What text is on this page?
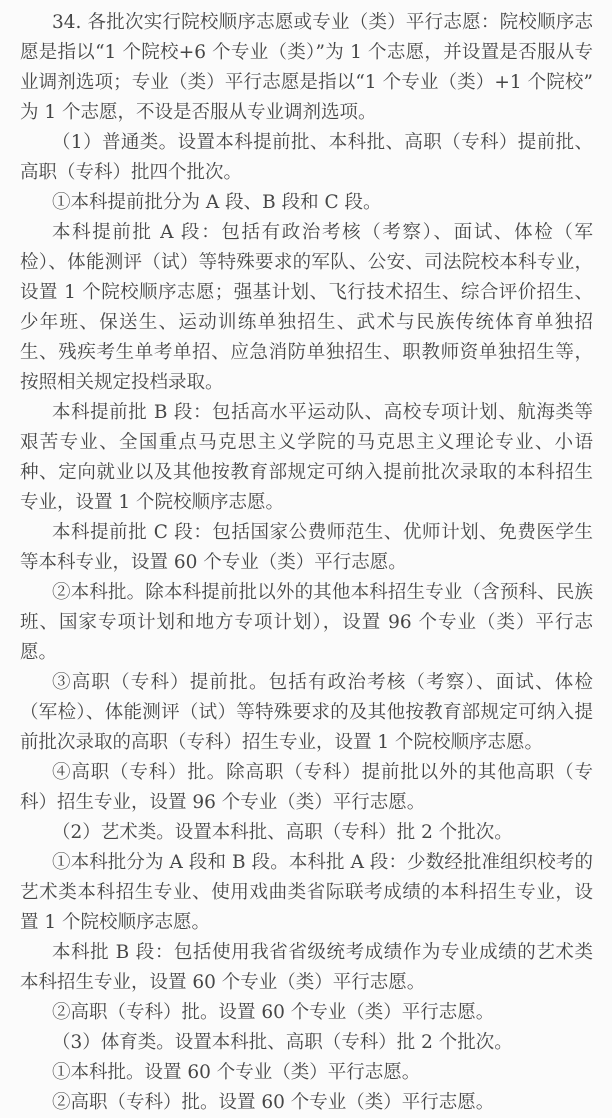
34. 各批次实行院校顺序志愿或专业（类）平行志愿：院校顺序志愿是指以“1 个院校+6 个专业（类）”为 1 个志愿，并设置是否服从专业调剂选项；专业（类）平行志愿是指以“1 个专业（类）+1 个院校”为 1 个志愿，不设是否服从专业调剂选项。

（1）普通类。设置本科提前批、本科批、高职（专科）提前批、高职（专科）批四个批次。

①本科提前批分为 A 段、B 段和 C 段。

本科提前批 A 段：包括有政治考核（考察）、面试、体检（军检）、体能测评（试）等特殊要求的军队、公安、司法院校本科专业，设置 1 个院校顺序志愿；强基计划、飞行技术招生、综合评价招生、少年班、保送生、运动训练单独招生、武术与民族传统体育单独招生、残疾考生单考单招、应急消防单独招生、职教师资单独招生等，按照相关规定投档录取。

本科提前批 B 段：包括高水平运动队、高校专项计划、航海类等艰苦专业、全国重点马克思主义学院的马克思主义理论专业、小语种、定向就业以及其他按教育部规定可纳入提前批次录取的本科招生专业，设置 1 个院校顺序志愿。

本科提前批 C 段：包括国家公费师范生、优师计划、免费医学生等本科专业，设置 60 个专业（类）平行志愿。

②本科批。除本科提前批以外的其他本科招生专业（含预科、民族班、国家专项计划和地方专项计划），设置 96 个专业（类）平行志愿。

③高职（专科）提前批。包括有政治考核（考察）、面试、体检（军检）、体能测评（试）等特殊要求的及其他按教育部规定可纳入提前批次录取的高职（专科）招生专业，设置 1 个院校顺序志愿。

④高职（专科）批。除高职（专科）提前批以外的其他高职（专科）招生专业，设置 96 个专业（类）平行志愿。

（2）艺术类。设置本科批、高职（专科）批 2 个批次。

①本科批分为 A 段和 B 段。本科批 A 段：少数经批准组织校考的艺术类本科招生专业、使用戏曲类省际联考成绩的本科招生专业，设置 1 个院校顺序志愿。

本科批 B 段：包括使用我省省级统考成绩作为专业成绩的艺术类本科招生专业，设置 60 个专业（类）平行志愿。

②高职（专科）批。设置 60 个专业（类）平行志愿。

（3）体育类。设置本科批、高职（专科）批 2 个批次。

①本科批。设置 60 个专业（类）平行志愿。

②高职（专科）批。设置 60 个专业（类）平行志愿。
